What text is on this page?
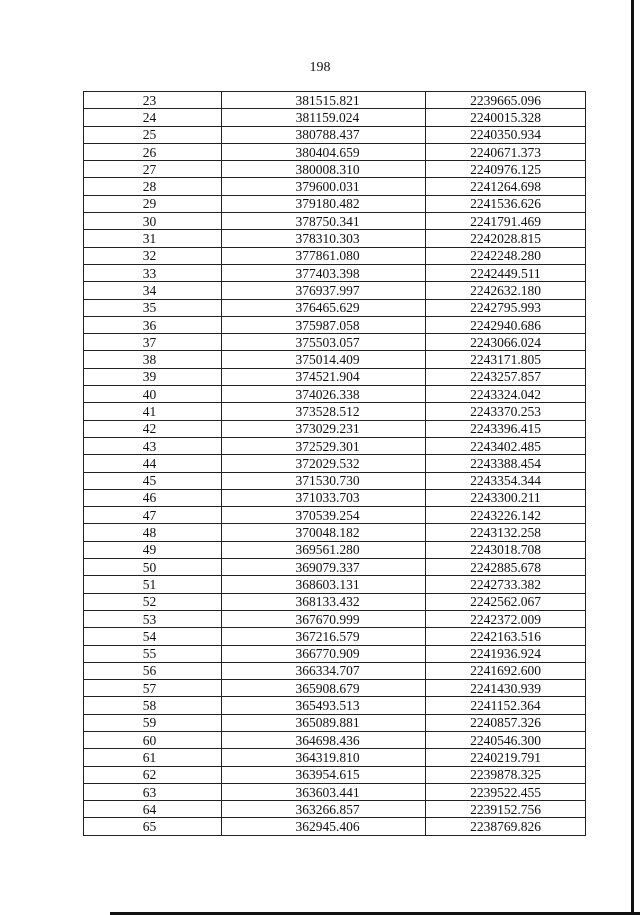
198
23	381515.821	2239665.096
24	381159.024	2240015.328
25	380788.437	2240350.934
26	380404.659	2240671.373
27	380008.310	2240976.125
28	379600.031	2241264.698
29	379180.482	2241536.626
30	378750.341	2241791.469
31	378310.303	2242028.815
32	377861.080	2242248.280
33	377403.398	2242449.511
34	376937.997	2242632.180
35	376465.629	2242795.993
36	375987.058	2242940.686
37	375503.057	2243066.024
38	375014.409	2243171.805
39	374521.904	2243257.857
40	374026.338	2243324.042
41	373528.512	2243370.253
42	373029.231	2243396.415
43	372529.301	2243402.485
44	372029.532	2243388.454
45	371530.730	2243354.344
46	371033.703	2243300.211
47	370539.254	2243226.142
48	370048.182	2243132.258
49	369561.280	2243018.708
50	369079.337	2242885.678
51	368603.131	2242733.382
52	368133.432	2242562.067
53	367670.999	2242372.009
54	367216.579	2242163.516
55	366770.909	2241936.924
56	366334.707	2241692.600
57	365908.679	2241430.939
58	365493.513	2241152.364
59	365089.881	2240857.326
60	364698.436	2240546.300
61	364319.810	2240219.791
62	363954.615	2239878.325
63	363603.441	2239522.455
64	363266.857	2239152.756
65	362945.406	2238769.826
